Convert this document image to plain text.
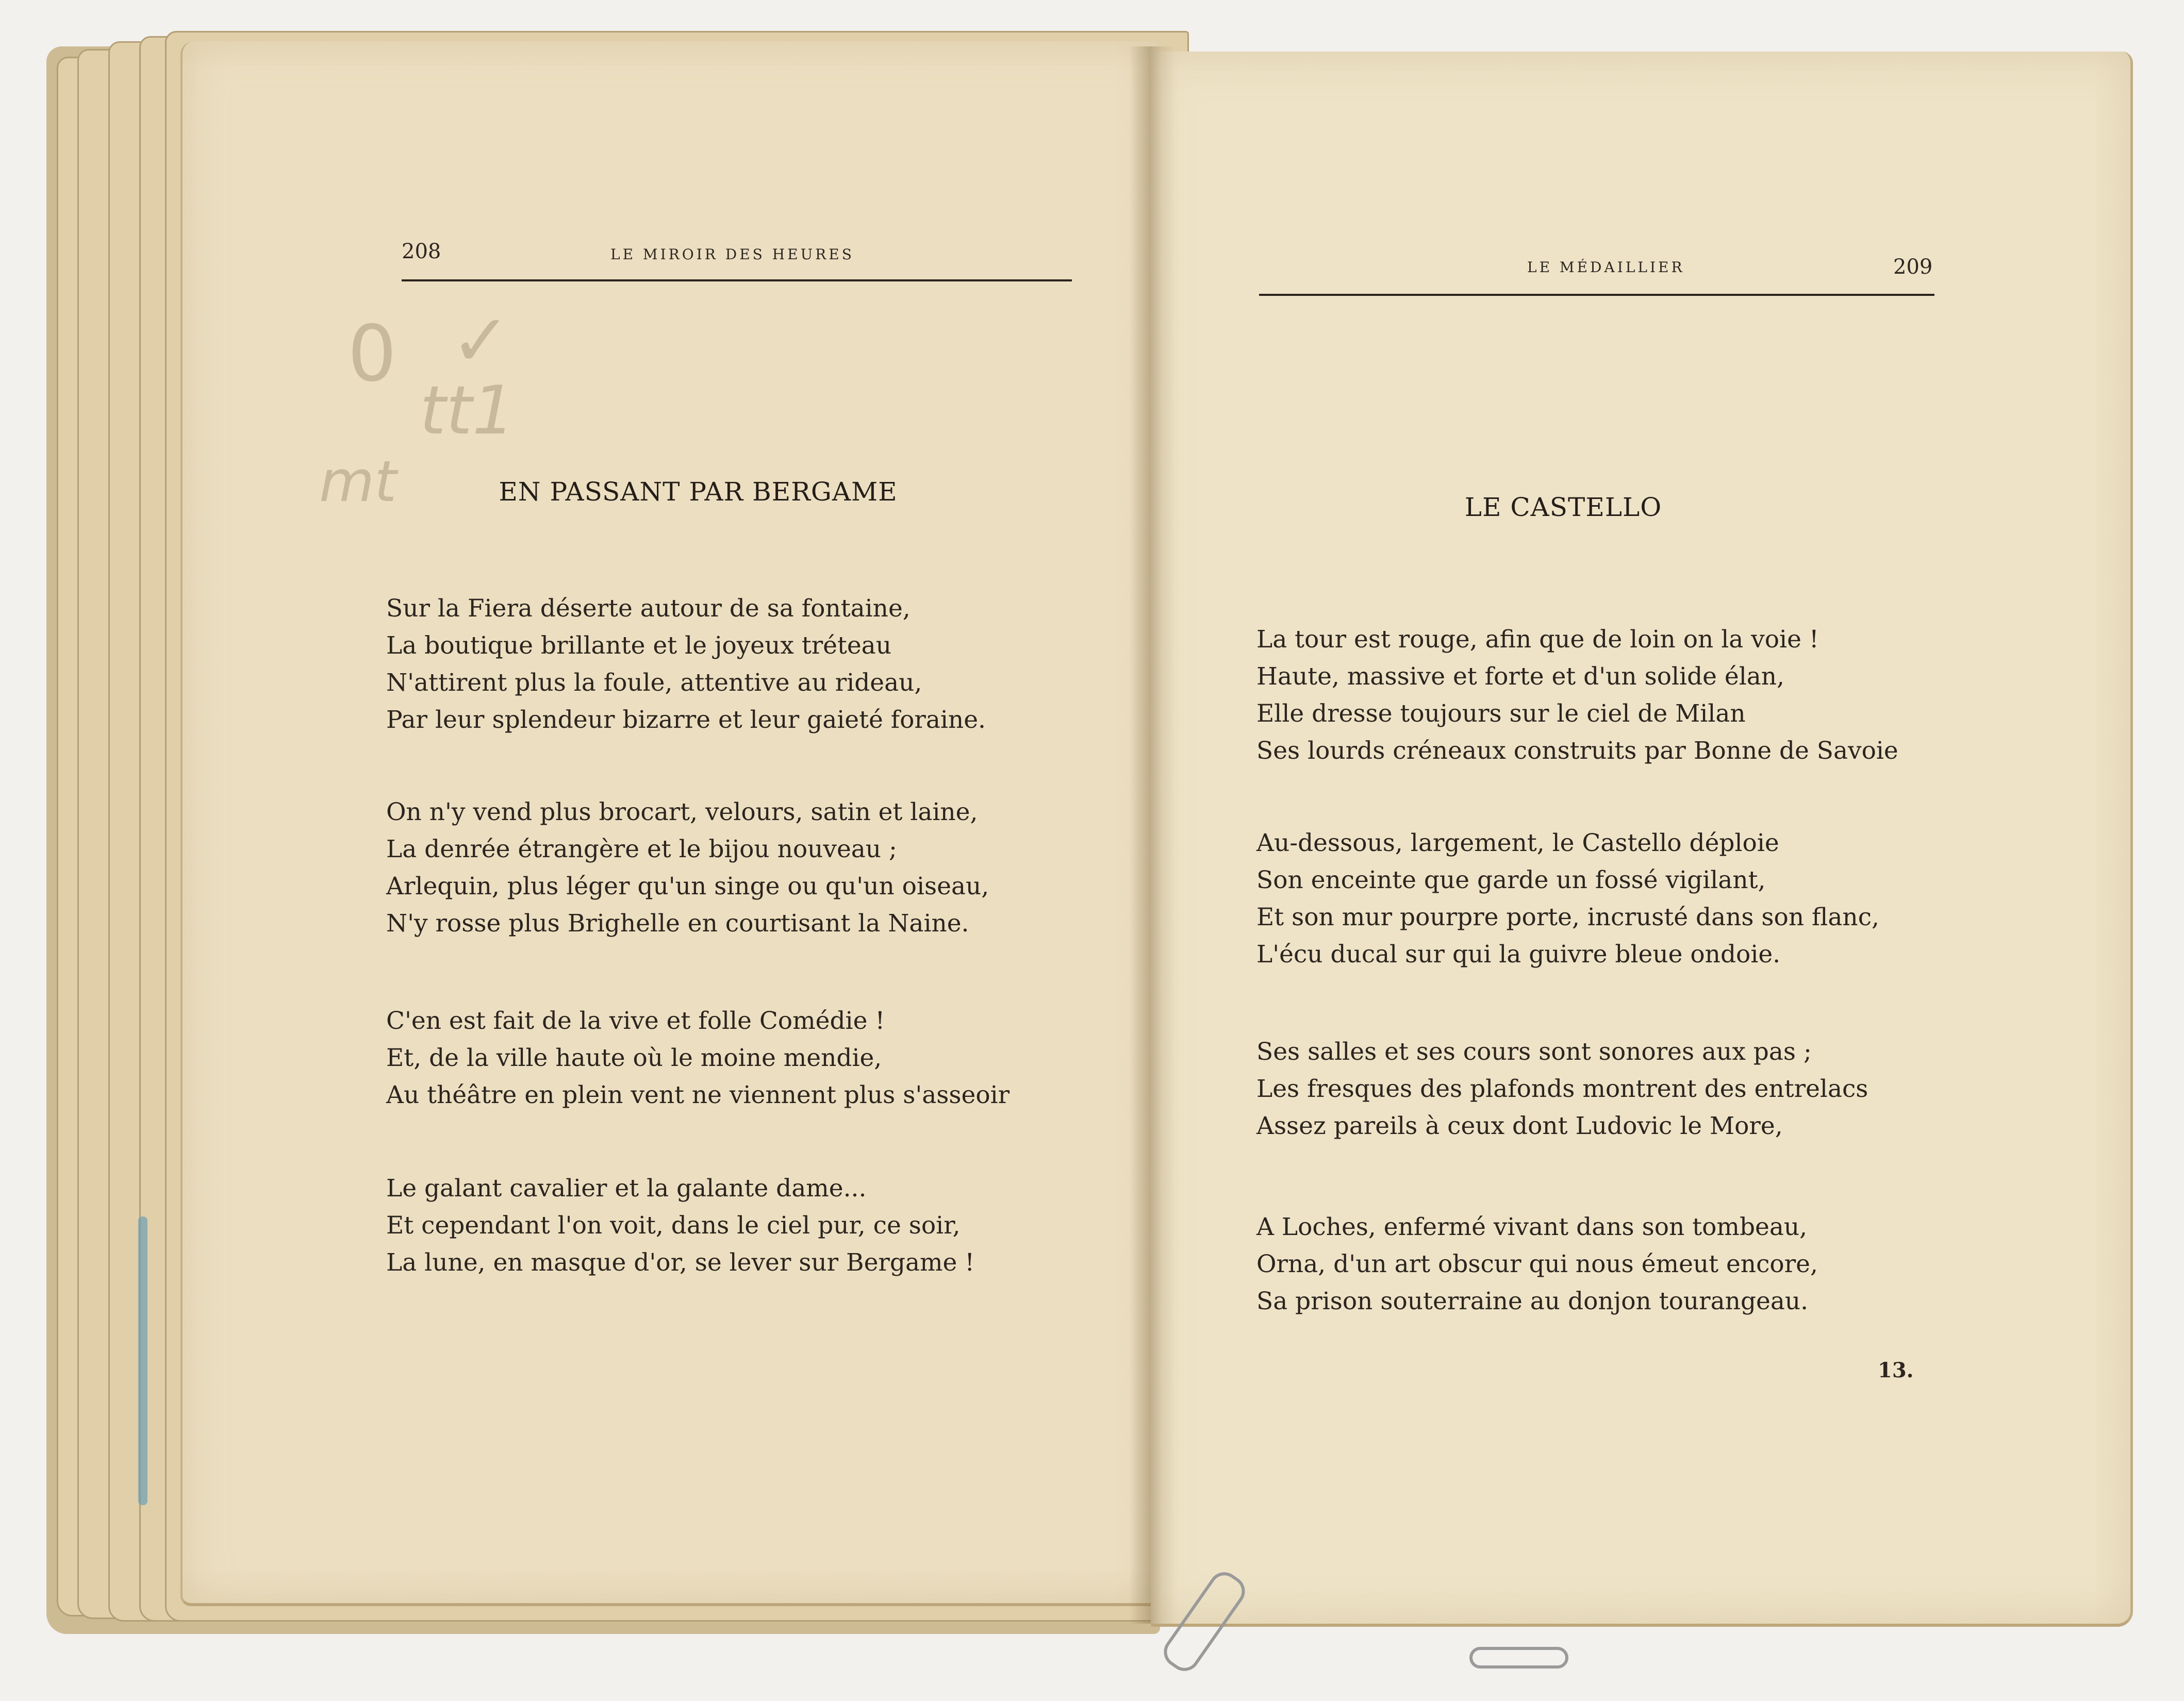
208	LE MIROIR DES HEURES
0 ✓
tt1
mt	EN PASSANT PAR BERGAME
Sur la Fiera déserte autour de sa fontaine,
La boutique brillante et le joyeux tréteau
N'attirent plus la foule, attentive au rideau,
Par leur splendeur bizarre et leur gaieté foraine.
On n'y vend plus brocart, velours, satin et laine,
La denrée étrangère et le bijou nouveau ;
Arlequin, plus léger qu'un singe ou qu'un oiseau,
N'y rosse plus Brighelle en courtisant la Naine.
C'en est fait de la vive et folle Comédie !
Et, de la ville haute où le moine mendie,
Au théâtre en plein vent ne viennent plus s'asseoir
Le galant cavalier et la galante dame...
Et cependant l'on voit, dans le ciel pur, ce soir,
La lune, en masque d'or, se lever sur Bergame !
LE MÉDAILLIER	209
LE CASTELLO
La tour est rouge, afin que de loin on la voie !
Haute, massive et forte et d'un solide élan,
Elle dresse toujours sur le ciel de Milan
Ses lourds créneaux construits par Bonne de Savoie
Au-dessous, largement, le Castello déploie
Son enceinte que garde un fossé vigilant,
Et son mur pourpre porte, incrusté dans son flanc,
L'écu ducal sur qui la guivre bleue ondoie.
Ses salles et ses cours sont sonores aux pas ;
Les fresques des plafonds montrent des entrelacs
Assez pareils à ceux dont Ludovic le More,
A Loches, enfermé vivant dans son tombeau,
Orna, d'un art obscur qui nous émeut encore,
Sa prison souterraine au donjon tourangeau.
13.
